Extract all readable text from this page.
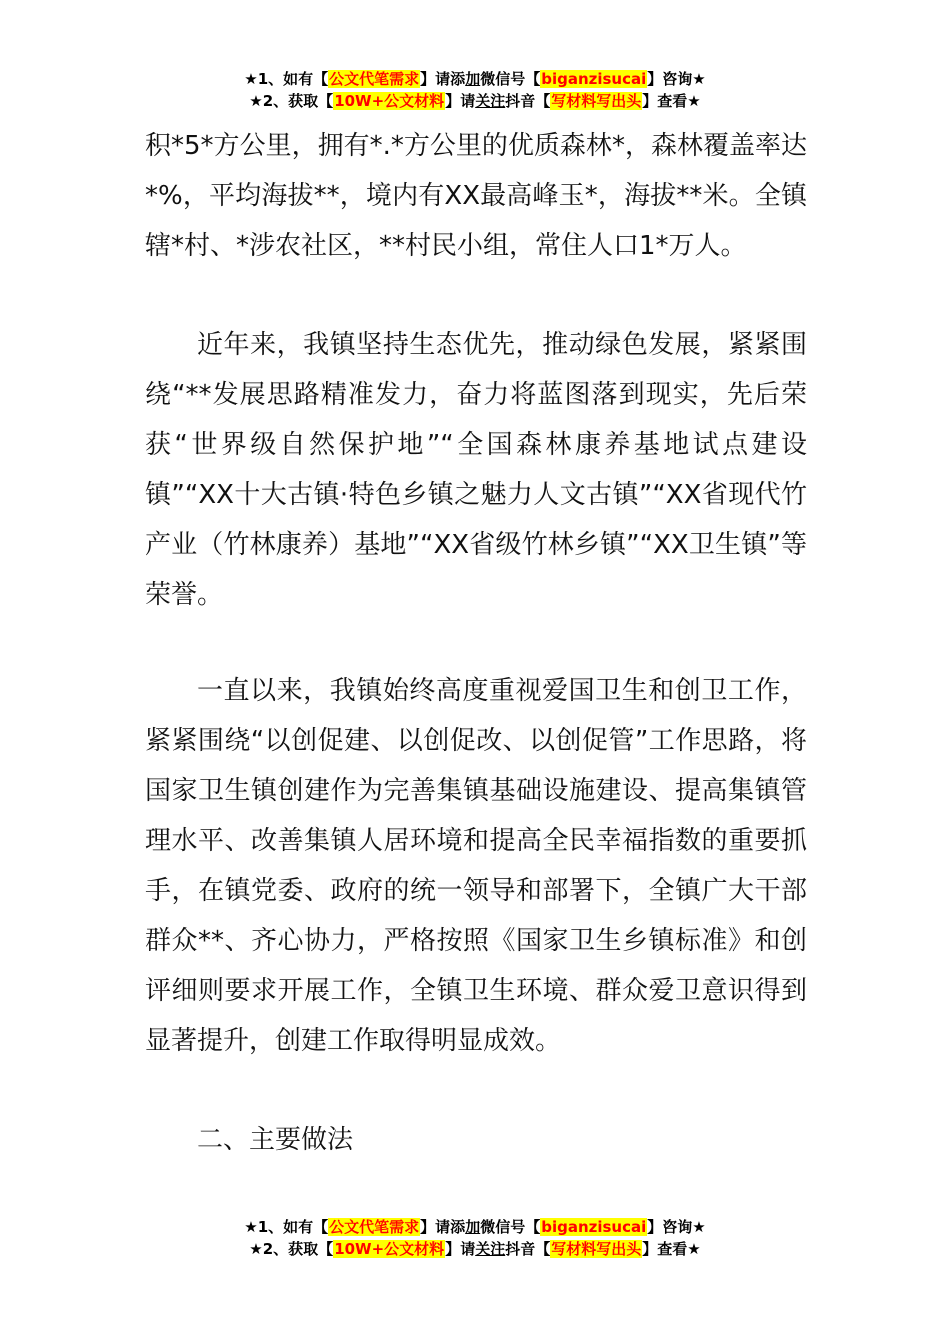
★1、如有【公文代笔需求】请添加微信号【biganzisucai】咨询★
★2、获取【10W+公文材料】请关注抖音【写材料写出头】查看★

积*5*方公里，拥有*.*方公里的优质森林*，森林覆盖率达*%，平均海拔**，境内有XX最高峰玉*，海拔**米。全镇辖*村、*涉农社区，**村民小组，常住人口1*万人。

近年来，我镇坚持生态优先，推动绿色发展，紧紧围绕“**发展思路精准发力，奋力将蓝图落到现实，先后荣获“世界级自然保护地”“全国森林康养基地试点建设镇”“XX十大古镇·特色乡镇之魅力人文古镇”“XX省现代竹产业（竹林康养）基地”“XX省级竹林乡镇”“XX卫生镇”等荣誉。

一直以来，我镇始终高度重视爱国卫生和创卫工作，紧紧围绕“以创促建、以创促改、以创促管”工作思路，将国家卫生镇创建作为完善集镇基础设施建设、提高集镇管理水平、改善集镇人居环境和提高全民幸福指数的重要抓手，在镇党委、政府的统一领导和部署下，全镇广大干部群众**、齐心协力，严格按照《国家卫生乡镇标准》和创评细则要求开展工作，全镇卫生环境、群众爱卫意识得到显著提升，创建工作取得明显成效。

二、主要做法

★1、如有【公文代笔需求】请添加微信号【biganzisucai】咨询★
★2、获取【10W+公文材料】请关注抖音【写材料写出头】查看★
